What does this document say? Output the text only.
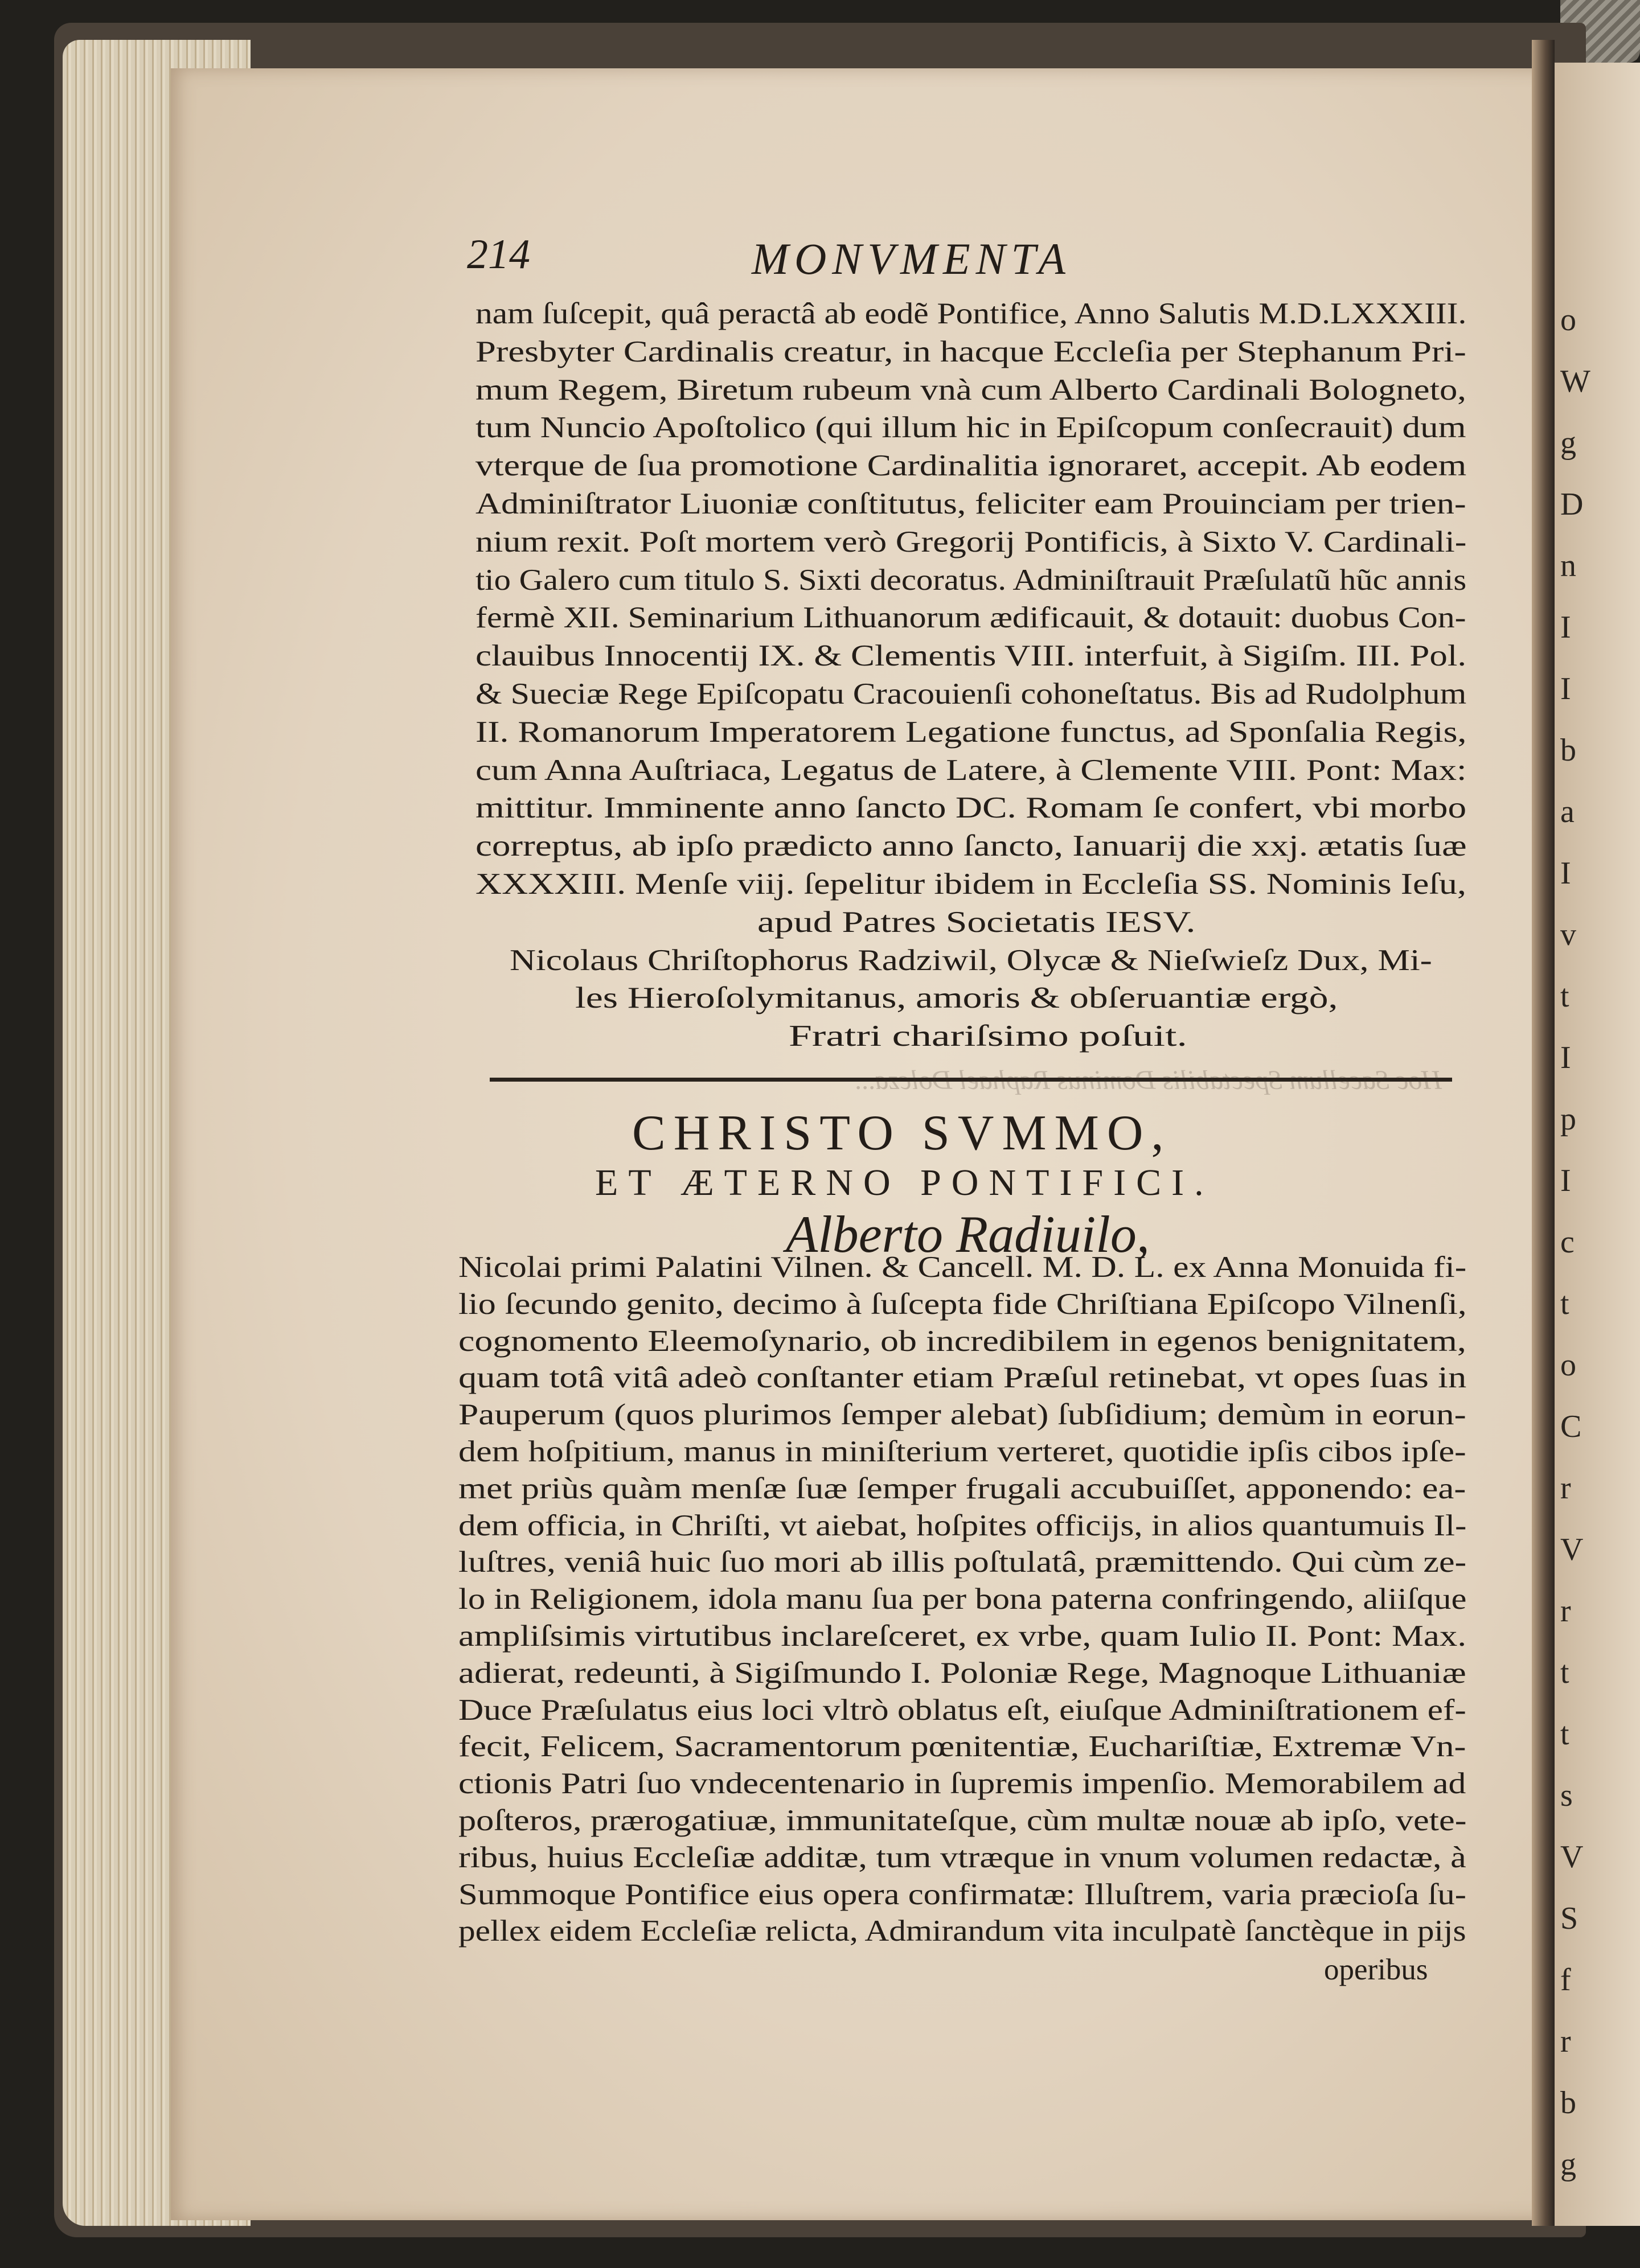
o
W
g
D
n
I
I
b
a
I
v
t
I
p
I
c
t
o
C
r
V
r
t
t
s
V
S
f
r
b
g
214	MONVMENTA
nam ſuſcepit, quâ peractâ ab eodẽ Pontifice, Anno Salutis M.D.LXXXIII.
Presbyter Cardinalis creatur, in hacque Eccleſia per Stephanum Pri-
mum Regem, Biretum rubeum vnà cum Alberto Cardinali Bologneto,
tum Nuncio Apoſtolico (qui illum hic in Epiſcopum conſecrauit) dum
vterque de ſua promotione Cardinalitia ignoraret, accepit. Ab eodem
Adminiſtrator Liuoniæ conſtitutus, feliciter eam Prouinciam per trien-
nium rexit. Poſt mortem verò Gregorij Pontificis, à Sixto V. Cardinali-
tio Galero cum titulo S. Sixti decoratus. Adminiſtrauit Præſulatũ hũc annis
fermè XII. Seminarium Lithuanorum ædificauit, & dotauit: duobus Con-
clauibus Innocentij IX. & Clementis VIII. interfuit, à Sigiſm. III. Pol.
& Sueciæ Rege Epiſcopatu Cracouienſi cohoneſtatus. Bis ad Rudolphum
II. Romanorum Imperatorem Legatione functus, ad Sponſalia Regis,
cum Anna Auſtriaca, Legatus de Latere, à Clemente VIII. Pont: Max:
mittitur. Imminente anno ſancto DC. Romam ſe confert, vbi morbo
correptus, ab ipſo prædicto anno ſancto, Ianuarij die xxj. ætatis ſuæ
XXXXIII. Menſe viij. ſepelitur ibidem in Eccleſia SS. Nominis Ieſu,
apud Patres Societatis IESV.
Nicolaus Chriſtophorus Radziwil, Olycæ & Nieſwieſz Dux, Mi-
les Hieroſolymitanus, amoris & obſeruantiæ ergò,
Fratri chariſsimo poſuit.
Hoc Sacellum Spectabilis Dominus Raphael Dolcza...
CHRISTO SVMMO,
ET ÆTERNO PONTIFICI.
Alberto Radiuilo,
Nicolai primi Palatini Vilnen. & Cancell. M. D. L. ex Anna Monuida fi-
lio ſecundo genito, decimo à ſuſcepta fide Chriſtiana Epiſcopo Vilnenſi,
cognomento Eleemoſynario, ob incredibilem in egenos benignitatem,
quam totâ vitâ adeò conſtanter etiam Præſul retinebat, vt opes ſuas in
Pauperum (quos plurimos ſemper alebat) ſubſidium; demùm in eorun-
dem hoſpitium, manus in miniſterium verteret, quotidie ipſis cibos ipſe-
met priùs quàm menſæ ſuæ ſemper frugali accubuiſſet, apponendo: ea-
dem officia, in Chriſti, vt aiebat, hoſpites officijs, in alios quantumuis Il-
luſtres, veniâ huic ſuo mori ab illis poſtulatâ, præmittendo. Qui cùm ze-
lo in Religionem, idola manu ſua per bona paterna confringendo, aliiſque
ampliſsimis virtutibus inclareſceret, ex vrbe, quam Iulio II. Pont: Max.
adierat, redeunti, à Sigiſmundo I. Poloniæ Rege, Magnoque Lithuaniæ
Duce Præſulatus eius loci vltrò oblatus eſt, eiuſque Adminiſtrationem ef-
fecit, Felicem, Sacramentorum pœnitentiæ, Euchariſtiæ, Extremæ Vn-
ctionis Patri ſuo vndecentenario in ſupremis impenſio. Memorabilem ad
poſteros, prærogatiuæ, immunitateſque, cùm multæ nouæ ab ipſo, vete-
ribus, huius Eccleſiæ additæ, tum vtræque in vnum volumen redactæ, à
Summoque Pontifice eius opera confirmatæ: Illuſtrem, varia præcioſa ſu-
pellex eidem Eccleſiæ relicta, Admirandum vita inculpatè ſanctèque in pijs
operibus
